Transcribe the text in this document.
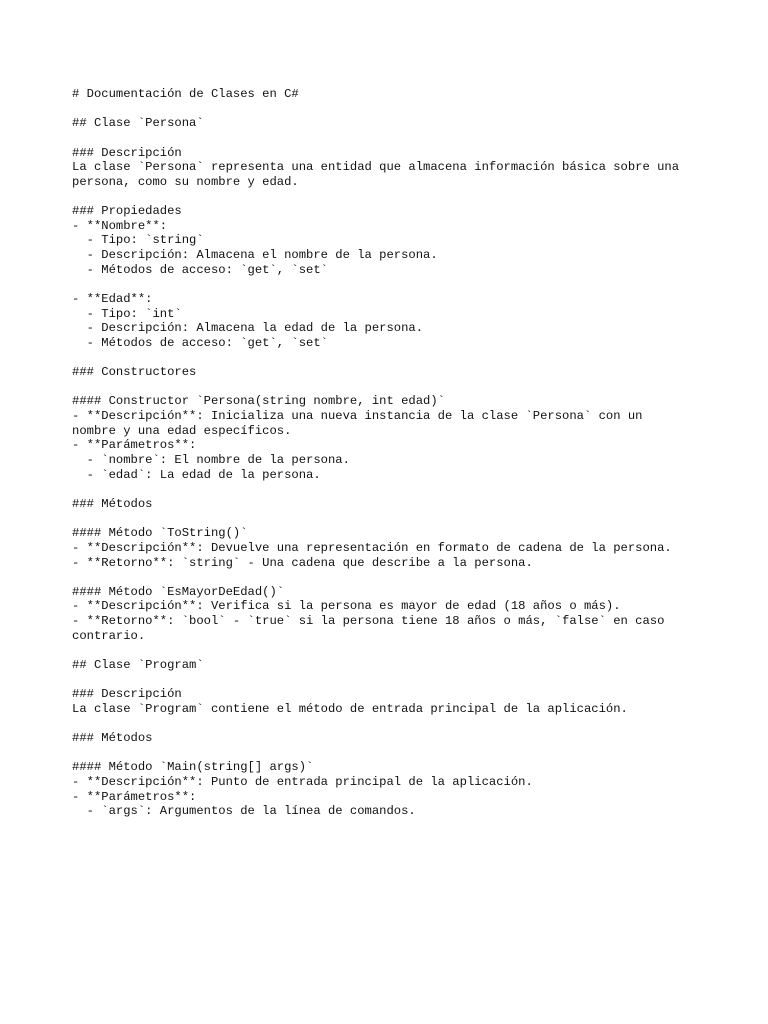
# Documentación de Clases en C#
## Clase `Persona`
### Descripción
La clase `Persona` representa una entidad que almacena información básica sobre una
persona, como su nombre y edad.
### Propiedades
- **Nombre**:
- Tipo: `string`
- Descripción: Almacena el nombre de la persona.
- Métodos de acceso: `get`, `set`
- **Edad**:
- Tipo: `int`
- Descripción: Almacena la edad de la persona.
- Métodos de acceso: `get`, `set`
### Constructores
#### Constructor `Persona(string nombre, int edad)`
- **Descripción**: Inicializa una nueva instancia de la clase `Persona` con un
nombre y una edad específicos.
- **Parámetros**:
- `nombre`: El nombre de la persona.
- `edad`: La edad de la persona.
### Métodos
#### Método `ToString()`
- **Descripción**: Devuelve una representación en formato de cadena de la persona.
- **Retorno**: `string` - Una cadena que describe a la persona.
#### Método `EsMayorDeEdad()`
- **Descripción**: Verifica si la persona es mayor de edad (18 años o más).
- **Retorno**: `bool` - `true` si la persona tiene 18 años o más, `false` en caso
contrario.
## Clase `Program`
### Descripción
La clase `Program` contiene el método de entrada principal de la aplicación.
### Métodos
#### Método `Main(string[] args)`
- **Descripción**: Punto de entrada principal de la aplicación.
- **Parámetros**:
- `args`: Argumentos de la línea de comandos.
